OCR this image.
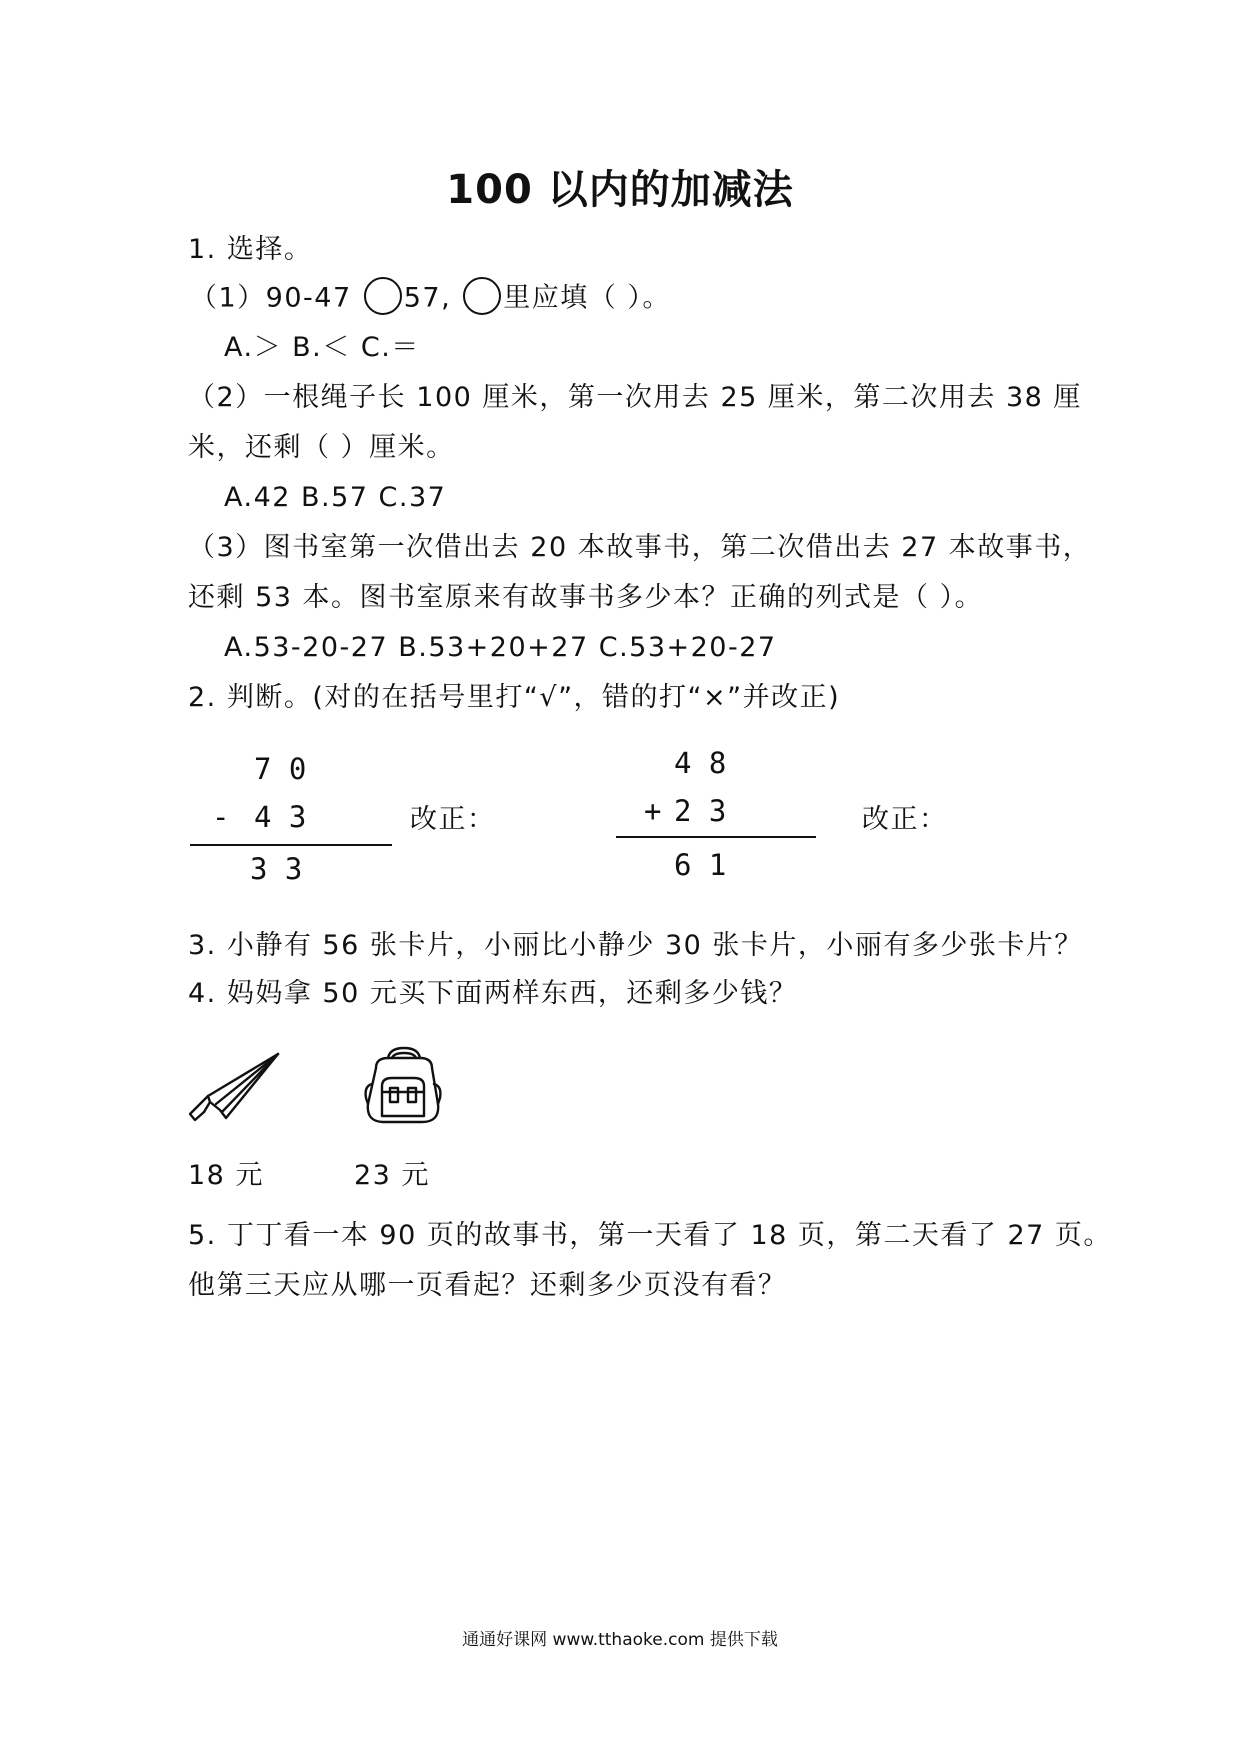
100 以内的加减法
1. 选择。
（1）90-47 57, 里应填（ ）。
A.＞ B.＜ C.＝
（2）一根绳子长 100 厘米，第一次用去 25 厘米，第二次用去 38 厘
米，还剩（ ）厘米。
A.42 B.57 C.37
（3）图书室第一次借出去 20 本故事书，第二次借出去 27 本故事书，
还剩 53 本。图书室原来有故事书多少本？正确的列式是（ ）。
A.53-20-27 B.53+20+27 C.53+20-27
2. 判断。(对的在括号里打“√”，错的打“×”并改正)
7 0
- 4 3
3 3
改正：
4 8
+ 2 3
6 1
改正：
3. 小静有 56 张卡片，小丽比小静少 30 张卡片，小丽有多少张卡片？
4. 妈妈拿 50 元买下面两样东西，还剩多少钱？
18 元	23 元
5. 丁丁看一本 90 页的故事书，第一天看了 18 页，第二天看了 27 页。
他第三天应从哪一页看起？还剩多少页没有看？
通通好课网 www.tthaoke.com 提供下载
